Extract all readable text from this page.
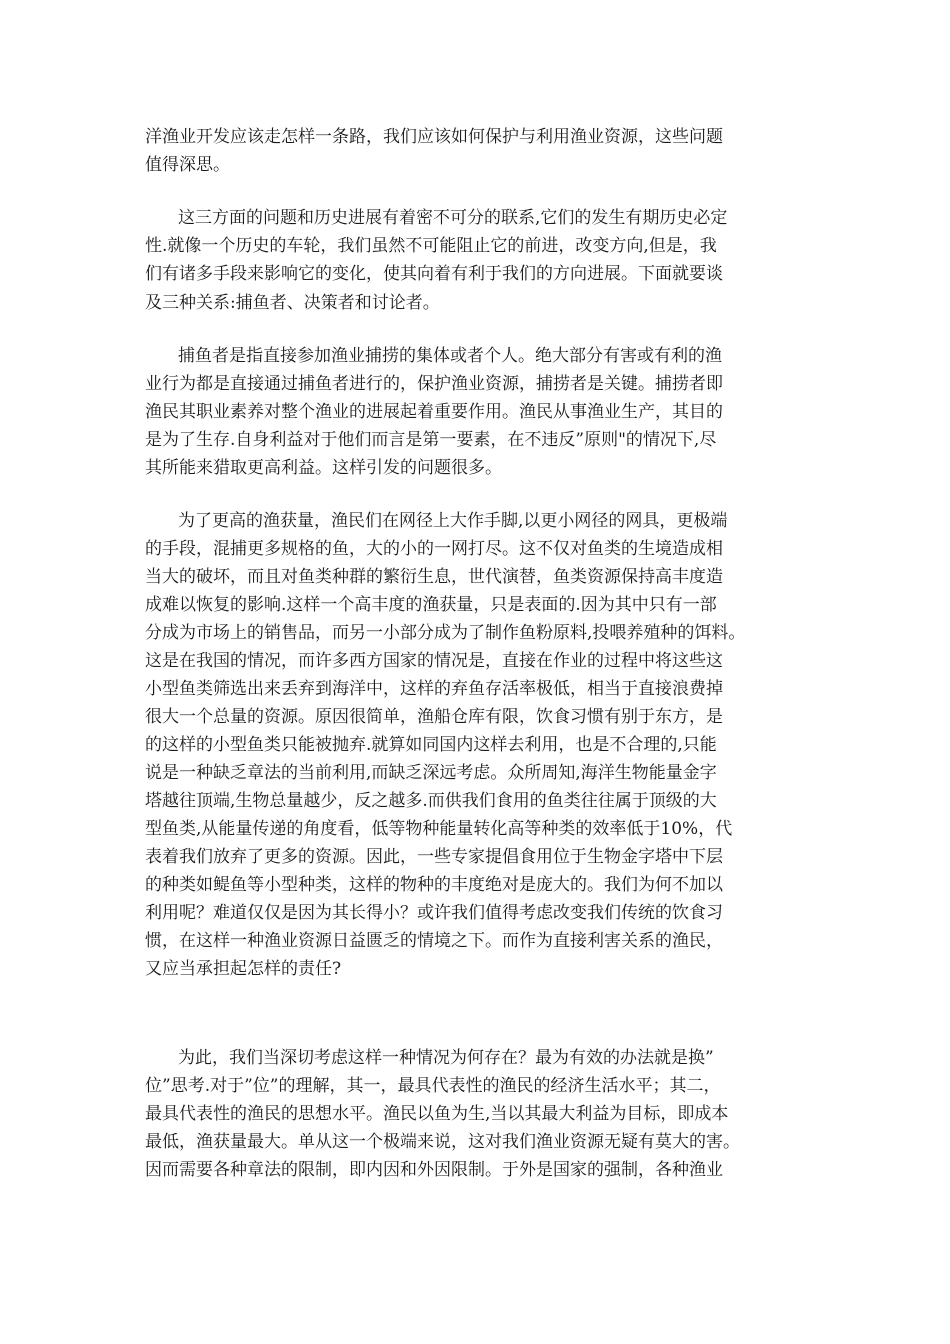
洋渔业开发应该走怎样一条路，我们应该如何保护与利用渔业资源，这些问题
值得深思。
这三方面的问题和历史进展有着密不可分的联系,它们的发生有期历史必定
性.就像一个历史的车轮，我们虽然不可能阻止它的前进，改变方向,但是，我
们有诸多手段来影响它的变化，使其向着有利于我们的方向进展。下面就要谈
及三种关系:捕鱼者、决策者和讨论者。
捕鱼者是指直接参加渔业捕捞的集体或者个人。绝大部分有害或有利的渔
业行为都是直接通过捕鱼者进行的，保护渔业资源，捕捞者是关键。捕捞者即
渔民其职业素养对整个渔业的进展起着重要作用。渔民从事渔业生产，其目的
是为了生存.自身利益对于他们而言是第一要素，在不违反”原则"的情况下,尽
其所能来猎取更高利益。这样引发的问题很多。
为了更高的渔获量，渔民们在网径上大作手脚,以更小网径的网具，更极端
的手段，混捕更多规格的鱼，大的小的一网打尽。这不仅对鱼类的生境造成相
当大的破坏，而且对鱼类种群的繁衍生息，世代演替，鱼类资源保持高丰度造
成难以恢复的影响.这样一个高丰度的渔获量，只是表面的.因为其中只有一部
分成为市场上的销售品，而另一小部分成为了制作鱼粉原料,投喂养殖种的饵料。
这是在我国的情况，而许多西方国家的情况是，直接在作业的过程中将这些这
小型鱼类筛选出来丢弃到海洋中，这样的弃鱼存活率极低，相当于直接浪费掉
很大一个总量的资源。原因很简单，渔船仓库有限，饮食习惯有别于东方，是
的这样的小型鱼类只能被抛弃.就算如同国内这样去利用，也是不合理的,只能
说是一种缺乏章法的当前利用,而缺乏深远考虑。众所周知,海洋生物能量金字
塔越往顶端,生物总量越少，反之越多.而供我们食用的鱼类往往属于顶级的大
型鱼类,从能量传递的角度看，低等物种能量转化高等种类的效率低于10%，代
表着我们放弃了更多的资源。因此，一些专家提倡食用位于生物金字塔中下层
的种类如鳀鱼等小型种类，这样的物种的丰度绝对是庞大的。我们为何不加以
利用呢？难道仅仅是因为其长得小？或许我们值得考虑改变我们传统的饮食习
惯，在这样一种渔业资源日益匮乏的情境之下。而作为直接利害关系的渔民，
又应当承担起怎样的责任?
为此，我们当深切考虑这样一种情况为何存在？最为有效的办法就是换”
位”思考.对于”位”的理解，其一，最具代表性的渔民的经济生活水平；其二，
最具代表性的渔民的思想水平。渔民以鱼为生,当以其最大利益为目标，即成本
最低，渔获量最大。单从这一个极端来说，这对我们渔业资源无疑有莫大的害。
因而需要各种章法的限制，即内因和外因限制。于外是国家的强制，各种渔业
